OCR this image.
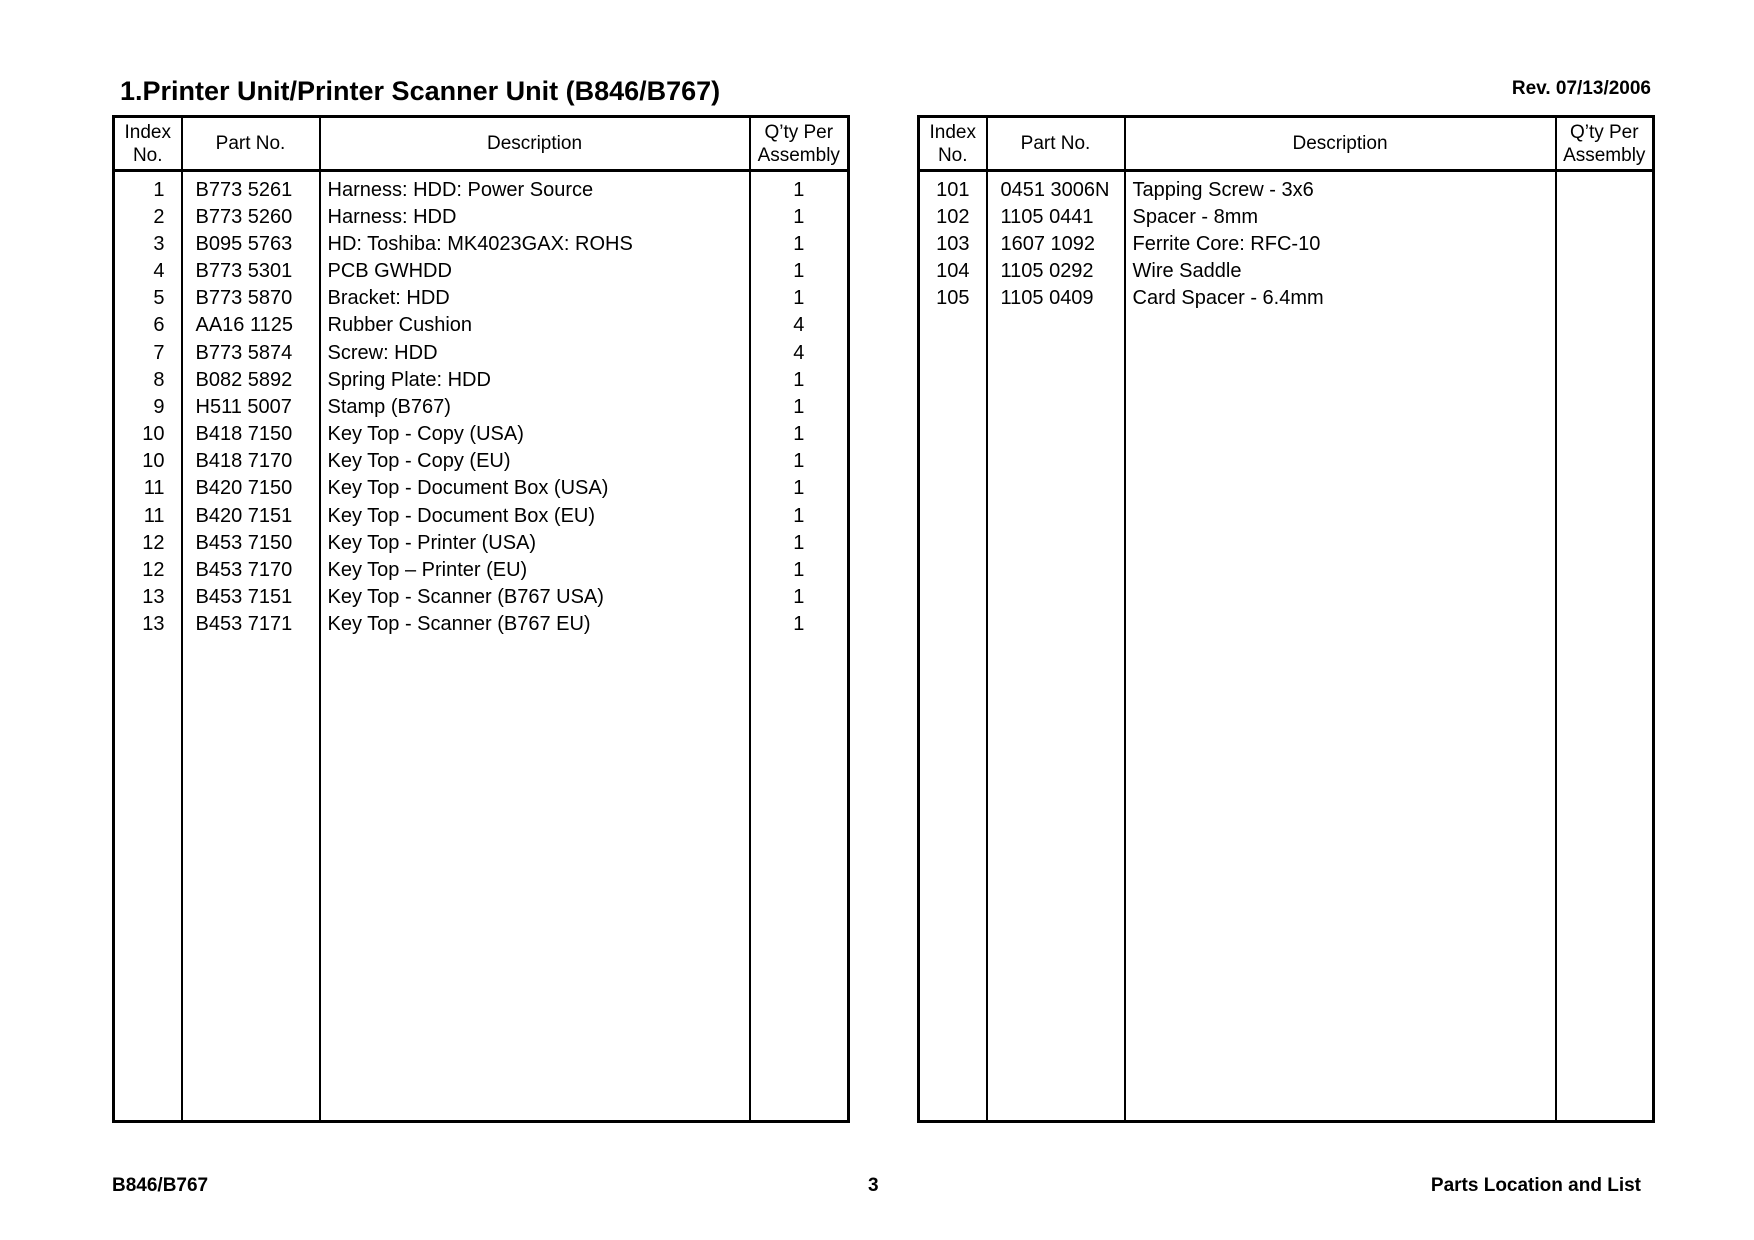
1.Printer Unit/Printer Scanner Unit (B846/B767)	Rev. 07/13/2006
Index
No.	Part No.	Description	Q’ty Per
Assembly
1	B773 5261	Harness: HDD: Power Source	1
2	B773 5260	Harness: HDD	1
3	B095 5763	HD: Toshiba: MK4023GAX: ROHS	1
4	B773 5301	PCB GWHDD	1
5	B773 5870	Bracket: HDD	1
6	AA16 1125	Rubber Cushion	4
7	B773 5874	Screw: HDD	4
8	B082 5892	Spring Plate: HDD	1
9	H511 5007	Stamp (B767)	1
10	B418 7150	Key Top - Copy (USA)	1
10	B418 7170	Key Top - Copy (EU)	1
11	B420 7150	Key Top - Document Box (USA)	1
11	B420 7151	Key Top - Document Box (EU)	1
12	B453 7150	Key Top - Printer (USA)	1
12	B453 7170	Key Top – Printer (EU)	1
13	B453 7151	Key Top - Scanner (B767 USA)	1
13	B453 7171	Key Top - Scanner (B767 EU)	1

Index
No.	Part No.	Description	Q’ty Per
Assembly
101	0451 3006N	Tapping Screw - 3x6	
102	1105 0441	Spacer - 8mm	
103	1607 1092	Ferrite Core: RFC-10	
104	1105 0292	Wire Saddle	
105	1105 0409	Card Spacer - 6.4mm	

B846/B767	3	Parts Location and List
